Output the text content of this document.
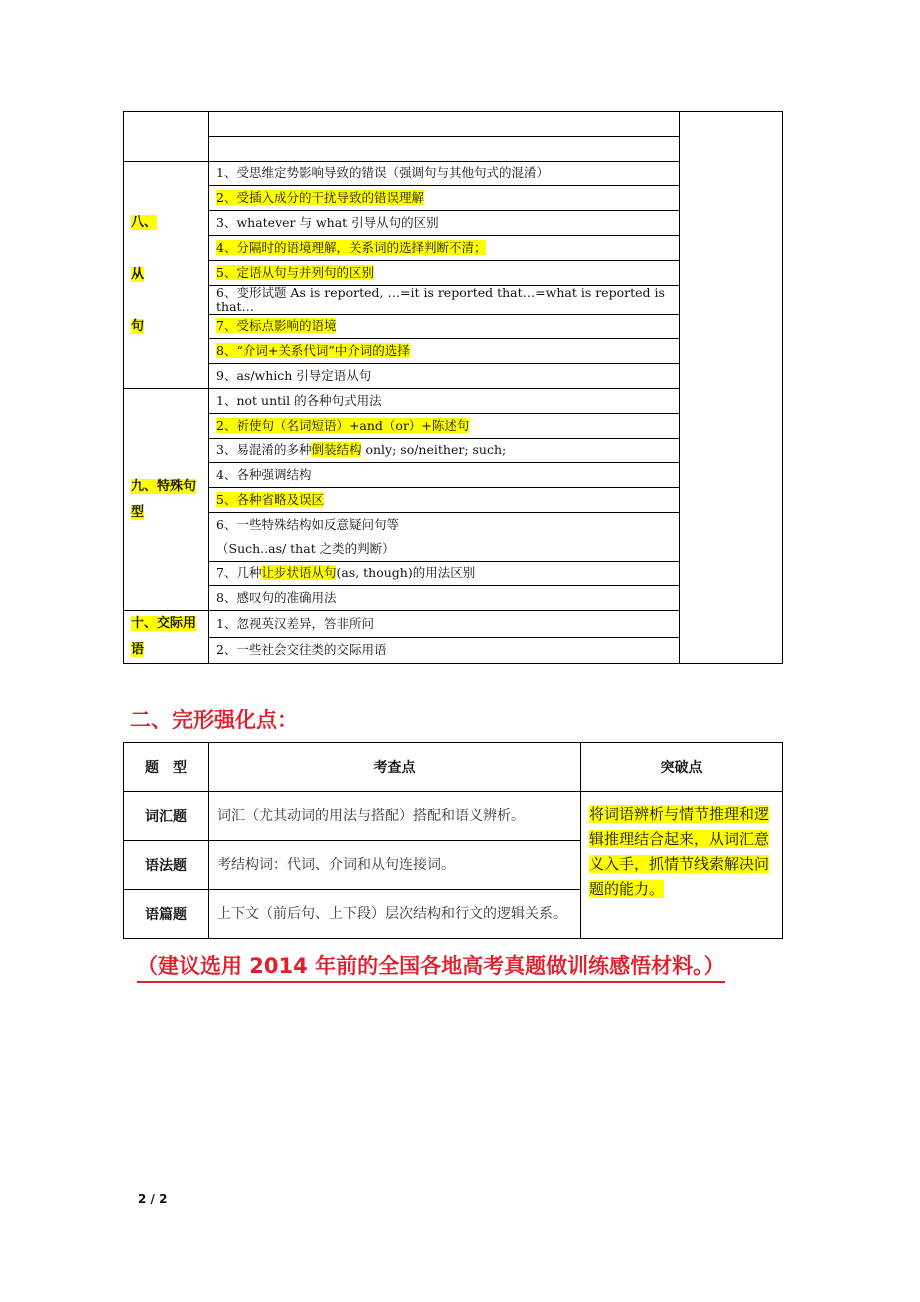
八、

从

句	1、受思维定势影响导致的错误（强调句与其他句式的混淆）	
	2、受插入成分的干扰导致的错误理解	
	3、whatever 与 what 引导从句的区别	
	4、分隔时的语境理解，关系词的选择判断不清；	
	5、定语从句与并列句的区别	
	6、变形试题 As is reported, …=it is reported that…=what is reported is that…	
	7、受标点影响的语境	
	8、“介词+关系代词”中介词的选择	
	9、as/which 引导定语从句	
九、特殊句
型	1、not until 的各种句式用法	
	2、祈使句（名词短语）+and（or）+陈述句	
	3、易混淆的多种倒装结构 only; so/neither; such;	
	4、各种强调结构	
	5、各种省略及误区	
	6、一些特殊结构如反意疑问句等	
	（Such..as/ that 之类的判断）	
	7、几种让步状语从句(as, though)的用法区别	
	8、感叹句的准确用法	
十、交际用
语	1、忽视英汉差异，答非所问	
	2、一些社会交往类的交际用语	
二、完形强化点：
题　型	考查点	突破点
词汇题	词汇（尤其动词的用法与搭配）搭配和语义辨析。	将词语辨析与情节推理和逻辑推理结合起来，从词汇意义入手，抓情节线索解决问题的能力。
语法题	考结构词：代词、介词和从句连接词。	
语篇题	上下文（前后句、上下段）层次结构和行文的逻辑关系。	
（建议选用 2014 年前的全国各地高考真题做训练感悟材料。）
2 / 2
